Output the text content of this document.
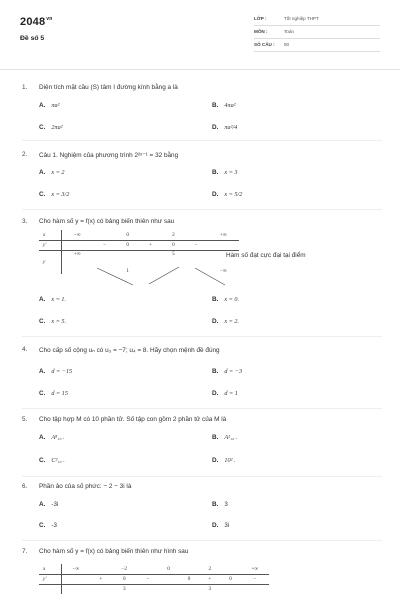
$2048^{vn}$
Đề số 5
LỚP :	Tốt nghiệp THPT
MÔN :	Toán
SỐ CÂU : 50
1. Diện tích mặt cầu (S) tâm I đường kính bằng a là
A. πa²	B. 4πa²
C. 2πa²	D. πa²/4
2. Câu 1. Nghiệm của phương trình 2²ˣ⁻¹ = 32 bằng
A. x = 2	B. x = 3
C. x = 3/2	D. x = 5/2
3. Cho hàm số y = f(x) có bảng biến thiên như sau
x	−∞		0		2		+∞
y'		−	0	+	0	−	
y	+∞		1		5		−∞
Hàm số đạt cực đại tại điểm
A. x = 1.	B. x = 0.
C. x = 5.	D. x = 2.
4. Cho cấp số cộng uₙ có u₃ = −7; u₄ = 8. Hãy chọn mệnh đề đúng
A. d = −15	B. d = −3
C. d = 15	D. d = 1
5. Cho tập hợp M có 10 phần tử. Số tập con gồm 2 phần tử của M là
A. A⁸₁₀ .	B. A²₁₀ .
C. C²₁₀ .	D. 10² .
6. Phần ảo của số phức: − 2 − 3i là
A. -3i	B. 3
C. -3	D. 3i
7. Cho hàm số y = f(x) có bảng biến thiên như hình sau
x	−∞		−2		0		2		+∞
y'		+	0	−		0	+	0	−
			3				3		
